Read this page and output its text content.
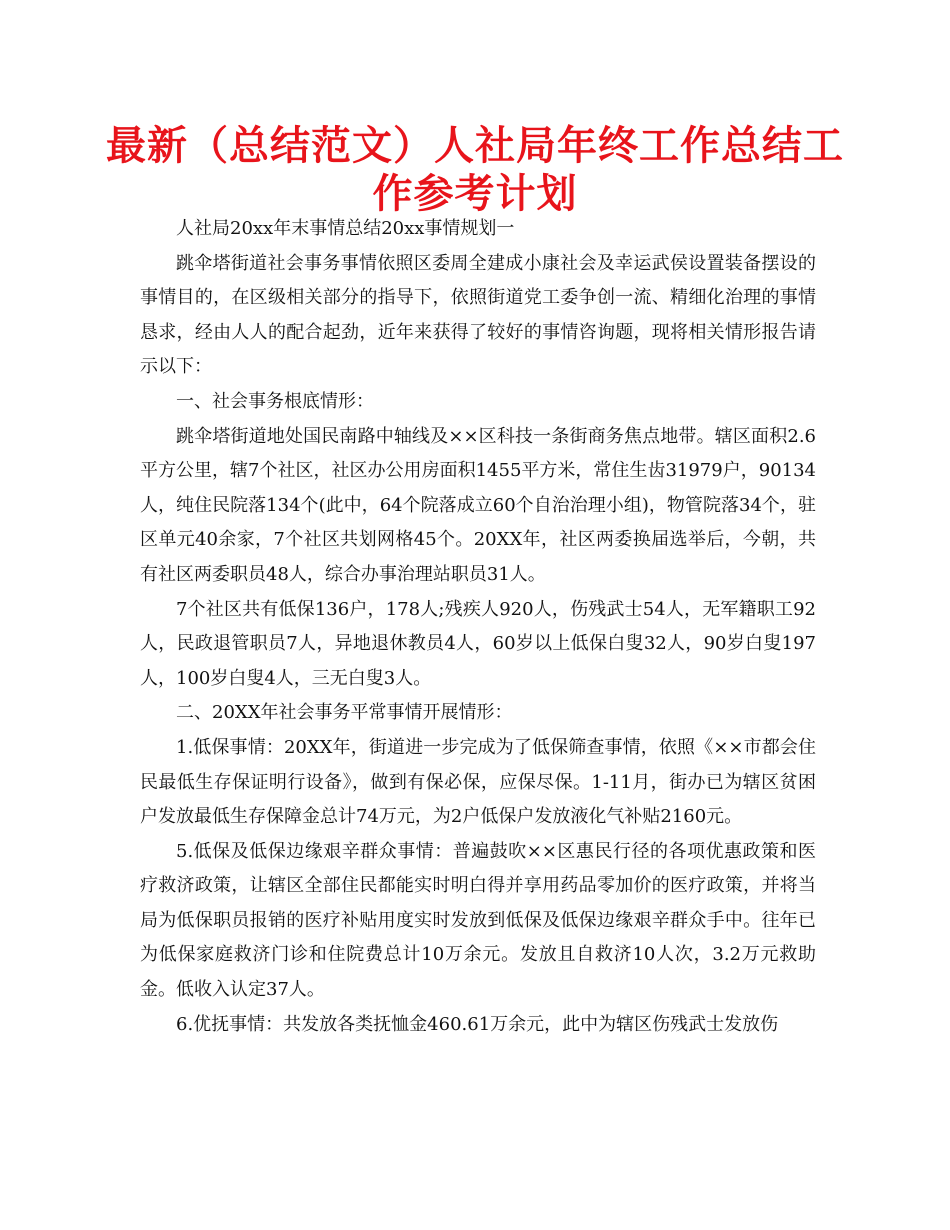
最新（总结范文）人社局年终工作总结工
作参考计划

人社局20xx年末事情总结20xx事情规划一

跳伞塔街道社会事务事情依照区委周全建成小康社会及幸运武侯设置装备摆设的事情目的，在区级相关部分的指导下，依照街道党工委争创一流、精细化治理的事情恳求，经由人人的配合起劲，近年来获得了较好的事情咨询题，现将相关情形报告请示以下：

一、社会事务根底情形：

跳伞塔街道地处国民南路中轴线及××区科技一条街商务焦点地带。辖区面积2.6平方公里，辖7个社区，社区办公用房面积1455平方米，常住生齿31979户，90134人，纯住民院落134个(此中，64个院落成立60个自治治理小组)，物管院落34个，驻区单元40余家，7个社区共划网格45个。20XX年，社区两委换届选举后，今朝，共有社区两委职员48人，综合办事治理站职员31人。

7个社区共有低保136户，178人;残疾人920人，伤残武士54人，无军籍职工92人，民政退管职员7人，异地退休教员4人，60岁以上低保白叟32人，90岁白叟197人，100岁白叟4人，三无白叟3人。

二、20XX年社会事务平常事情开展情形：

1.低保事情：20XX年，街道进一步完成为了低保筛查事情，依照《××市都会住民最低生存保证明行设备》，做到有保必保，应保尽保。1-11月，街办已为辖区贫困户发放最低生存保障金总计74万元，为2户低保户发放液化气补贴2160元。

5.低保及低保边缘艰辛群众事情：普遍鼓吹××区惠民行径的各项优惠政策和医疗救济政策，让辖区全部住民都能实时明白得并享用药品零加价的医疗政策，并将当局为低保职员报销的医疗补贴用度实时发放到低保及低保边缘艰辛群众手中。往年已为低保家庭救济门诊和住院费总计10万余元。发放且自救济10人次，3.2万元救助金。低收入认定37人。

6.优抚事情：共发放各类抚恤金460.61万余元，此中为辖区伤残武士发放伤
